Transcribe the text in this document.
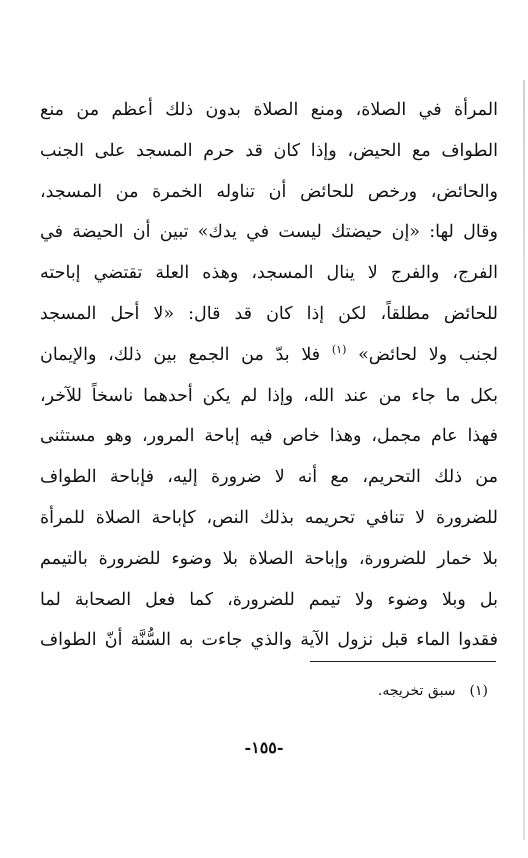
المرأة في الصلاة، ومنع الصلاة بدون ذلك أعظم من منع
الطواف مع الحيض، وإذا كان قد حرم المسجد على الجنب
والحائض، ورخص للحائض أن تناوله الخمرة من المسجد،
وقال لها: «إن حيضتك ليست في يدك» تبين أن الحيضة في
الفرج، والفرج لا ينال المسجد، وهذه العلة تقتضي إباحته
للحائض مطلقاً، لكن إذا كان قد قال: «لا أحل المسجد
لجنب ولا لحائض» $^{(١)}$ فلا بدّ من الجمع بين ذلك، والإيمان
بكل ما جاء من عند الله، وإذا لم يكن أحدهما ناسخاً للآخر،
فهذا عام مجمل، وهذا خاص فيه إباحة المرور، وهو مستثنى
من ذلك التحريم، مع أنه لا ضرورة إليه، فإباحة الطواف
للضرورة لا تنافي تحريمه بذلك النص، كإباحة الصلاة للمرأة
بلا خمار للضرورة، وإباحة الصلاة بلا وضوء للضرورة بالتيمم
بل وبلا وضوء ولا تيمم للضرورة، كما فعل الصحابة لما
فقدوا الماء قبل نزول الآية والذي جاءت به السُّنَّة أنّ الطواف
(١)سبق تخريجه.
-١٥٥-
